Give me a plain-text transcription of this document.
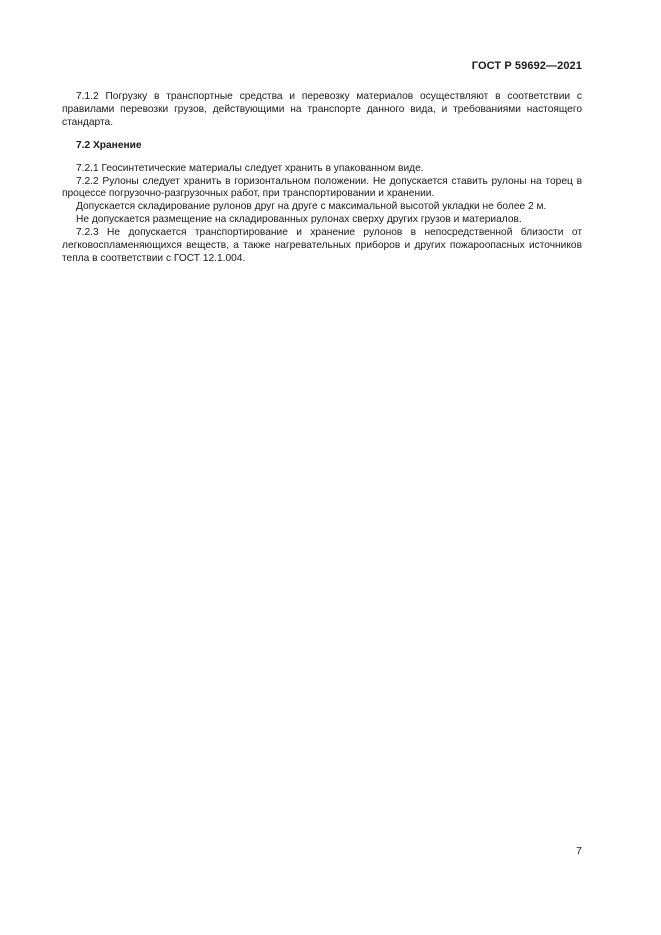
ГОСТ Р 59692—2021

7.1.2 Погрузку в транспортные средства и перевозку материалов осуществляют в соответствии с правилами перевозки грузов, действующими на транспорте данного вида, и требованиями настоящего стандарта.

7.2 Хранение

7.2.1 Геосинтетические материалы следует хранить в упакованном виде.

7.2.2 Рулоны следует хранить в горизонтальном положении. Не допускается ставить рулоны на торец в процессе погрузочно-разгрузочных работ, при транспортировании и хранении.

Допускается складирование рулонов друг на друге с максимальной высотой укладки не более 2 м.

Не допускается размещение на складированных рулонах сверху других грузов и материалов.

7.2.3 Не допускается транспортирование и хранение рулонов в непосредственной близости от легковоспламеняющихся веществ, а также нагревательных приборов и других пожароопасных источников тепла в соответствии с ГОСТ 12.1.004.

7
